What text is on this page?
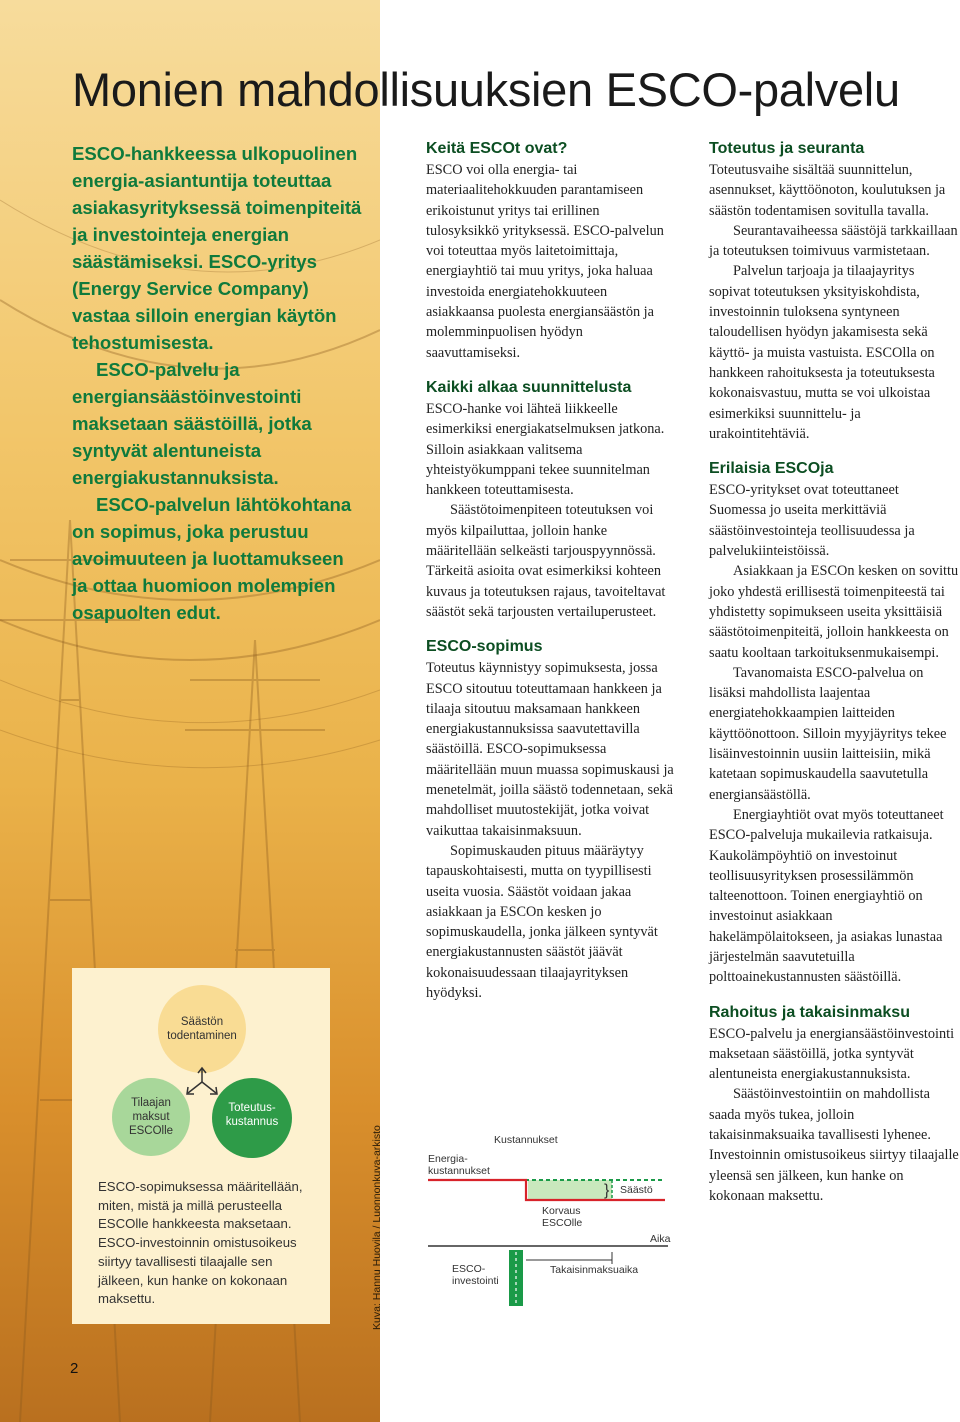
Monien mahdollisuuksien ESCO-palvelu

ESCO-hankkeessa ulkopuolinen energia-asiantuntija toteuttaa asiakasyrityksessä toimenpiteitä ja investointeja energian säästämiseksi. ESCO-yritys (Energy Service Company) vastaa silloin energian käytön tehostumisesta.

ESCO-palvelu ja energiansäästöinvestointi maksetaan säästöillä, jotka syntyvät alentuneista energiakustannuksista.

ESCO-palvelun lähtökohtana on sopimus, joka perustuu avoimuuteen ja luottamukseen ja ottaa huomioon molempien osapuolten edut.

Säästön todentaminen
Tilaajan maksut ESCOlle
Toteutus-kustannus
ESCO-sopimuksessa määritellään, miten, mistä ja millä perusteella ESCOlle hankkeesta maksetaan. ESCO-investoinnin omistusoikeus siirtyy tavallisesti tilaajalle sen jälkeen, kun hanke on kokonaan maksettu.	Kuva: Hannu Huovila / Luonnonkuva-arkisto
2
Keitä ESCOt ovat?

ESCO voi olla energia- tai materiaalitehokkuuden parantamiseen erikoistunut yritys tai erillinen tulosyksikkö yrityksessä. ESCO-palvelun voi toteuttaa myös laitetoimittaja, energiayhtiö tai muu yritys, joka haluaa investoida energiatehokkuuteen asiakkaansa puolesta energiansäästön ja molemminpuolisen hyödyn saavuttamiseksi.

Kaikki alkaa suunnittelusta

ESCO-hanke voi lähteä liikkeelle esimerkiksi energiakatselmuksen jatkona. Silloin asiakkaan valitsema yhteistyökumppani tekee suunnitelman hankkeen toteuttamisesta.

Säästötoimenpiteen toteutuksen voi myös kilpailuttaa, jolloin hanke määritellään selkeästi tarjouspyynnössä. Tärkeitä asioita ovat esimerkiksi kohteen kuvaus ja toteutuksen rajaus, tavoiteltavat säästöt sekä tarjousten vertailuperusteet.

ESCO-sopimus

Toteutus käynnistyy sopimuksesta, jossa ESCO sitoutuu toteuttamaan hankkeen ja tilaaja sitoutuu maksamaan hankkeen energiakustannuksissa saavutettavilla säästöillä. ESCO-sopimuksessa määritellään muun muassa sopimuskausi ja menetelmät, joilla säästö todennetaan, sekä mahdolliset muutostekijät, jotka voivat vaikuttaa takaisinmaksuun.

Sopimuskauden pituus määräytyy tapauskohtaisesti, mutta on tyypillisesti useita vuosia. Säästöt voidaan jakaa asiakkaan ja ESCOn kesken jo sopimuskaudella, jonka jälkeen syntyvät energiakustannusten säästöt jäävät kokonaisuudessaan tilaajayrityksen hyödyksi.

Toteutus ja seuranta

Toteutusvaihe sisältää suunnittelun, asennukset, käyttöönoton, koulutuksen ja säästön todentamisen sovitulla tavalla.

Seurantavaiheessa säästöjä tarkkaillaan ja toteutuksen toimivuus varmistetaan.

Palvelun tarjoaja ja tilaajayritys sopivat toteutuksen yksityiskohdista, investoinnin tuloksena syntyneen taloudellisen hyödyn jakamisesta sekä käyttö- ja muista vastuista. ESCOlla on hankkeen rahoituksesta ja toteutuksesta kokonaisvastuu, mutta se voi ulkoistaa esimerkiksi suunnittelu- ja urakointitehtäviä.

Erilaisia ESCOja

ESCO-yritykset ovat toteuttaneet Suomessa jo useita merkittäviä säästöinvestointeja teollisuudessa ja palvelukiinteistöissä.

Asiakkaan ja ESCOn kesken on sovittu joko yhdestä erillisestä toimenpiteestä tai yhdistetty sopimukseen useita yksittäisiä säästötoimenpiteitä, jolloin hankkeesta on saatu kooltaan tarkoituksenmukaisempi.

Tavanomaista ESCO-palvelua on lisäksi mahdollista laajentaa energiatehokkaampien laitteiden käyttöönottoon. Silloin myyjäyritys tekee lisäinvestoinnin uusiin laitteisiin, mikä katetaan sopimuskaudella saavutetulla energiansäästöllä.

Energiayhtiöt ovat myös toteuttaneet ESCO-palveluja mukailevia ratkaisuja. Kaukolämpöyhtiö on investoinut teollisuusyrityksen prosessilämmön talteenottoon. Toinen energiayhtiö on investoinut asiakkaan hakelämpölaitokseen, ja asiakas lunastaa järjestelmän saavutetuilla polttoainekustannusten säästöillä.

Rahoitus ja takaisinmaksu

ESCO-palvelu ja energiansäästöinvestointi maksetaan säästöillä, jotka syntyvät alentuneista energiakustannuksista.

Säästöinvestointiin on mahdollista saada myös tukea, jolloin takaisinmaksuaika tavallisesti lyhenee. Investoinnin omistusoikeus siirtyy tilaajalle yleensä sen jälkeen, kun hanke on kokonaan maksettu.

Kustannukset
Energia-
kustannukset
} Säästö
Korvaus
ESCOlle
Aika
ESCO-
investointi
Takaisinmaksuaika
